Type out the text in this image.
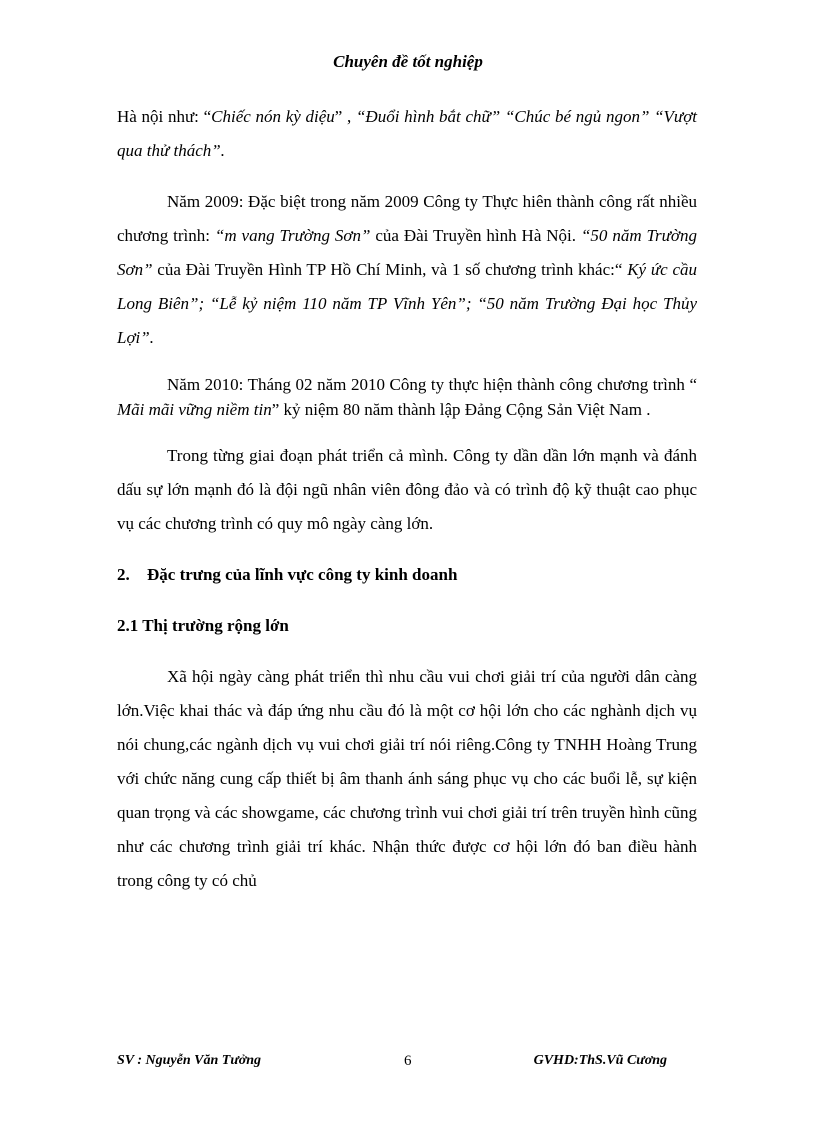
Chuyên đề tốt nghiệp

Hà nội như: “Chiếc nón kỳ diệu” , “Đuổi hình bắt chữ” “Chúc bé ngủ ngon” “Vượt qua thử thách”.

Năm 2009: Đặc biệt trong năm 2009 Công ty Thực hiên thành công rất nhiều chương trình: “m vang Trường Sơn” của Đài Truyền hình Hà Nội. “50 năm Trường Sơn” của Đài Truyền Hình TP Hồ Chí Minh, và 1 số chương trình khác:“ Ký ức cầu Long Biên”; “Lễ kỷ niệm 110 năm TP Vĩnh Yên”; “50 năm Trường Đại học Thủy Lợi”.

Năm 2010: Tháng 02 năm 2010 Công ty thực hiện thành công chương trình “ Mãi mãi vững niềm tin” kỷ niệm 80 năm thành lập Đảng Cộng Sản Việt Nam .

Trong từng giai đoạn phát triển cả mình. Công ty dần dần lớn mạnh và đánh dấu sự lớn mạnh đó là đội ngũ nhân viên đông đảo và có trình độ kỹ thuật cao phục vụ các chương trình có quy mô ngày càng lớn.

2. Đặc trưng của lĩnh vực công ty kinh doanh

2.1 Thị trường rộng lớn

Xã hội ngày càng phát triển thì nhu cầu vui chơi giải trí của người dân càng lớn.Việc khai thác và đáp ứng nhu cầu đó là một cơ hội lớn cho các nghành dịch vụ nói chung,các ngành dịch vụ vui chơi giải trí nói riêng.Công ty TNHH Hoàng Trung với chức năng cung cấp thiết bị âm thanh ánh sáng phục vụ cho các buổi lễ, sự kiện quan trọng và các showgame, các chương trình vui chơi giải trí trên truyền hình cũng như các chương trình giải trí khác. Nhận thức được cơ hội lớn đó ban điều hành trong công ty có chủ

SV : Nguyễn Văn Tưởng	6	GVHD:ThS.Vũ Cương
